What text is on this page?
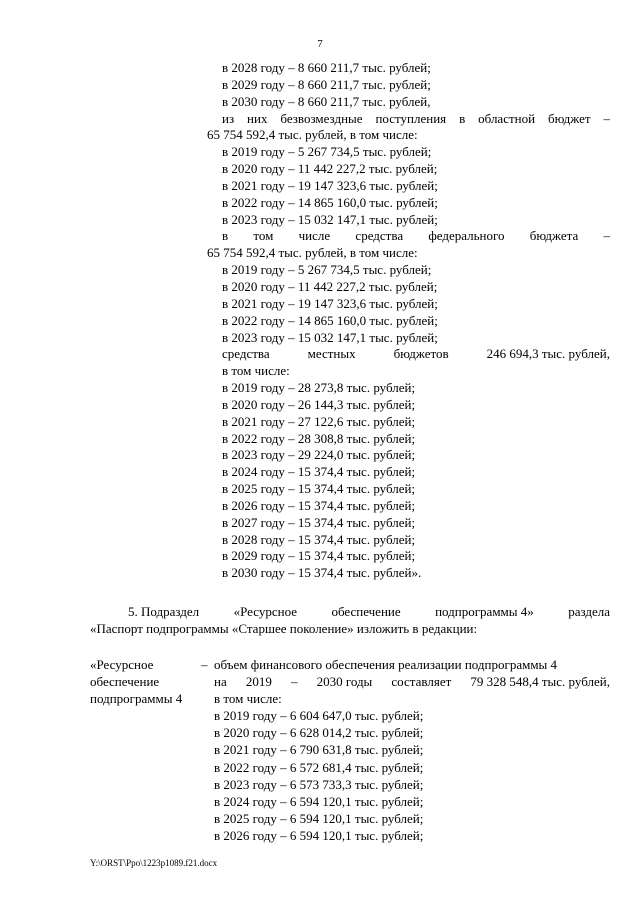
7
в 2028 году – 8 660 211,7 тыс. рублей;
в 2029 году – 8 660 211,7 тыс. рублей;
в 2030 году – 8 660 211,7 тыс. рублей,
из них безвозмездные поступления в областной бюджет –
65 754 592,4 тыс. рублей, в том числе:
в 2019 году – 5 267 734,5 тыс. рублей;
в 2020 году – 11 442 227,2 тыс. рублей;
в 2021 году – 19 147 323,6 тыс. рублей;
в 2022 году – 14 865 160,0 тыс. рублей;
в 2023 году – 15 032 147,1 тыс. рублей;
в том числе средства федерального бюджета –
65 754 592,4 тыс. рублей, в том числе:
в 2019 году – 5 267 734,5 тыс. рублей;
в 2020 году – 11 442 227,2 тыс. рублей;
в 2021 году – 19 147 323,6 тыс. рублей;
в 2022 году – 14 865 160,0 тыс. рублей;
в 2023 году – 15 032 147,1 тыс. рублей;
средства	местных	бюджетов	246 694,3 тыс. рублей,
в том числе:
в 2019 году – 28 273,8 тыс. рублей;
в 2020 году – 26 144,3 тыс. рублей;
в 2021 году – 27 122,6 тыс. рублей;
в 2022 году – 28 308,8 тыс. рублей;
в 2023 году – 29 224,0 тыс. рублей;
в 2024 году – 15 374,4 тыс. рублей;
в 2025 году – 15 374,4 тыс. рублей;
в 2026 году – 15 374,4 тыс. рублей;
в 2027 году – 15 374,4 тыс. рублей;
в 2028 году – 15 374,4 тыс. рублей;
в 2029 году – 15 374,4 тыс. рублей;
в 2030 году – 15 374,4 тыс. рублей».
5. Подраздел	«Ресурсное	обеспечение	подпрограммы 4»	раздела
«Паспорт подпрограммы «Старшее поколение» изложить в редакции:
«Ресурсное
обеспечение
подпрограммы 4
– объем финансового обеспечения реализации подпрограммы 4
на 2019 – 2030 годы составляет 79 328 548,4 тыс. рублей,
в том числе:
в 2019 году – 6 604 647,0 тыс. рублей;
в 2020 году – 6 628 014,2 тыс. рублей;
в 2021 году – 6 790 631,8 тыс. рублей;
в 2022 году – 6 572 681,4 тыс. рублей;
в 2023 году – 6 573 733,3 тыс. рублей;
в 2024 году – 6 594 120,1 тыс. рублей;
в 2025 году – 6 594 120,1 тыс. рублей;
в 2026 году – 6 594 120,1 тыс. рублей;
Y:\ORST\Ppo\1223p1089.f21.docx
